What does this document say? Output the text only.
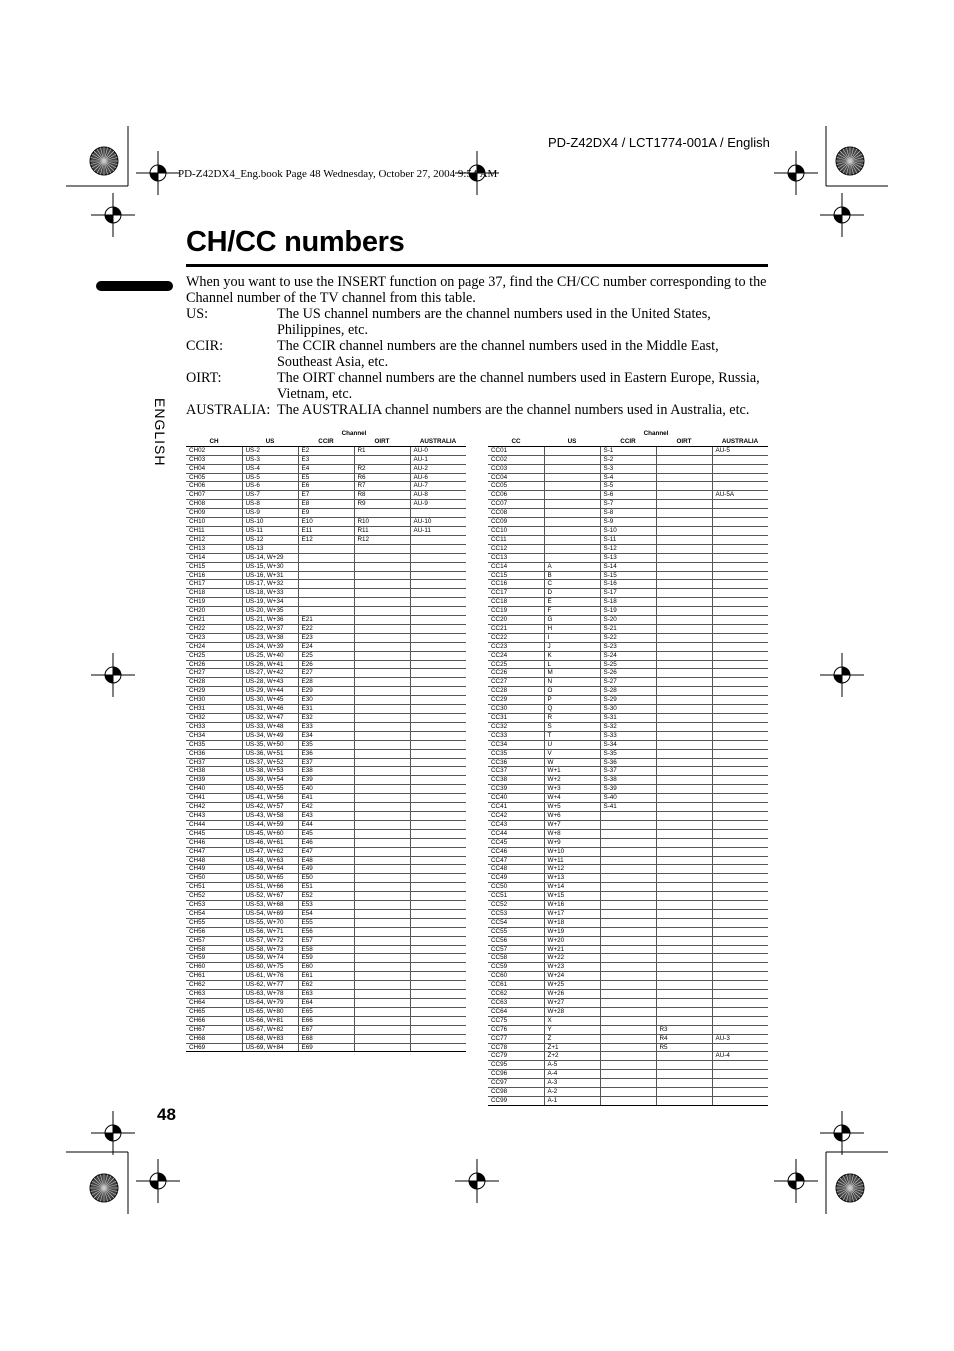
PD-Z42DX4 / LCT1774-001A / English
PD-Z42DX4_Eng.book Page 48 Wednesday, October 27, 2004 9:54 AM
ENGLISH
CH/CC numbers

When you want to use the INSERT function on page 37, find the CH/CC number corresponding to the Channel number of the TV channel from this table.

US:	The US channel numbers are the channel numbers used in the United States, Philippines, etc.
CCIR:	The CCIR channel numbers are the channel numbers used in the Middle East, Southeast Asia, etc.
OIRT:	The OIRT channel numbers are the channel numbers used in Eastern Europe, Russia, Vietnam, etc.
AUSTRALIA: The AUSTRALIA channel numbers are the channel numbers used in Australia, etc.
	Channel			
CH	US	CCIR	OIRT	AUSTRALIA
CH02	US-2	E2	R1	AU-0
CH03	US-3	E3		AU-1
CH04	US-4	E4	R2	AU-2
CH05	US-5	E5	R6	AU-6
CH06	US-6	E6	R7	AU-7
CH07	US-7	E7	R8	AU-8
CH08	US-8	E8	R9	AU-9
CH09	US-9	E9		
CH10	US-10	E10	R10	AU-10
CH11	US-11	E11	R11	AU-11
CH12	US-12	E12	R12	
CH13	US-13			
CH14	US-14, W+29			
CH15	US-15, W+30			
CH16	US-16, W+31			
CH17	US-17, W+32			
CH18	US-18, W+33			
CH19	US-19, W+34			
CH20	US-20, W+35			
CH21	US-21, W+36	E21		
CH22	US-22, W+37	E22		
CH23	US-23, W+38	E23		
CH24	US-24, W+39	E24		
CH25	US-25, W+40	E25		
CH26	US-26, W+41	E26		
CH27	US-27, W+42	E27		
CH28	US-28, W+43	E28		
CH29	US-29, W+44	E29		
CH30	US-30, W+45	E30		
CH31	US-31, W+46	E31		
CH32	US-32, W+47	E32		
CH33	US-33, W+48	E33		
CH34	US-34, W+49	E34		
CH35	US-35, W+50	E35		
CH36	US-36, W+51	E36		
CH37	US-37, W+52	E37		
CH38	US-38, W+53	E38		
CH39	US-39, W+54	E39		
CH40	US-40, W+55	E40		
CH41	US-41, W+56	E41		
CH42	US-42, W+57	E42		
CH43	US-43, W+58	E43		
CH44	US-44, W+59	E44		
CH45	US-45, W+60	E45		
CH46	US-46, W+61	E46		
CH47	US-47, W+62	E47		
CH48	US-48, W+63	E48		
CH49	US-49, W+64	E49		
CH50	US-50, W+65	E50		
CH51	US-51, W+66	E51		
CH52	US-52, W+67	E52		
CH53	US-53, W+68	E53		
CH54	US-54, W+69	E54		
CH55	US-55, W+70	E55		
CH56	US-56, W+71	E56		
CH57	US-57, W+72	E57		
CH58	US-58, W+73	E58		
CH59	US-59, W+74	E59		
CH60	US-60, W+75	E60		
CH61	US-61, W+76	E61		
CH62	US-62, W+77	E62		
CH63	US-63, W+78	E63		
CH64	US-64, W+79	E64		
CH65	US-65, W+80	E65		
CH66	US-66, W+81	E66		
CH67	US-67, W+82	E67		
CH68	US-68, W+83	E68		
CH69	US-69, W+84	E69		
	Channel			
CC	US	CCIR	OIRT	AUSTRALIA
CC01		S-1		AU-5
CC02		S-2		
CC03		S-3		
CC04		S-4		
CC05		S-5		
CC06		S-6		AU-5A
CC07		S-7		
CC08		S-8		
CC09		S-9		
CC10		S-10		
CC11		S-11		
CC12		S-12		
CC13		S-13		
CC14	A	S-14		
CC15	B	S-15		
CC16	C	S-16		
CC17	D	S-17		
CC18	E	S-18		
CC19	F	S-19		
CC20	G	S-20		
CC21	H	S-21		
CC22	I	S-22		
CC23	J	S-23		
CC24	K	S-24		
CC25	L	S-25		
CC26	M	S-26		
CC27	N	S-27		
CC28	O	S-28		
CC29	P	S-29		
CC30	Q	S-30		
CC31	R	S-31		
CC32	S	S-32		
CC33	T	S-33		
CC34	U	S-34		
CC35	V	S-35		
CC36	W	S-36		
CC37	W+1	S-37		
CC38	W+2	S-38		
CC39	W+3	S-39		
CC40	W+4	S-40		
CC41	W+5	S-41		
CC42	W+6			
CC43	W+7			
CC44	W+8			
CC45	W+9			
CC46	W+10			
CC47	W+11			
CC48	W+12			
CC49	W+13			
CC50	W+14			
CC51	W+15			
CC52	W+16			
CC53	W+17			
CC54	W+18			
CC55	W+19			
CC56	W+20			
CC57	W+21			
CC58	W+22			
CC59	W+23			
CC60	W+24			
CC61	W+25			
CC62	W+26			
CC63	W+27			
CC64	W+28			
CC75	X			
CC76	Y		R3	
CC77	Z		R4	AU-3
CC78	Z+1		R5	
CC79	Z+2			AU-4
CC95	A-5			
CC96	A-4			
CC97	A-3			
CC98	A-2			
CC99	A-1			
48
